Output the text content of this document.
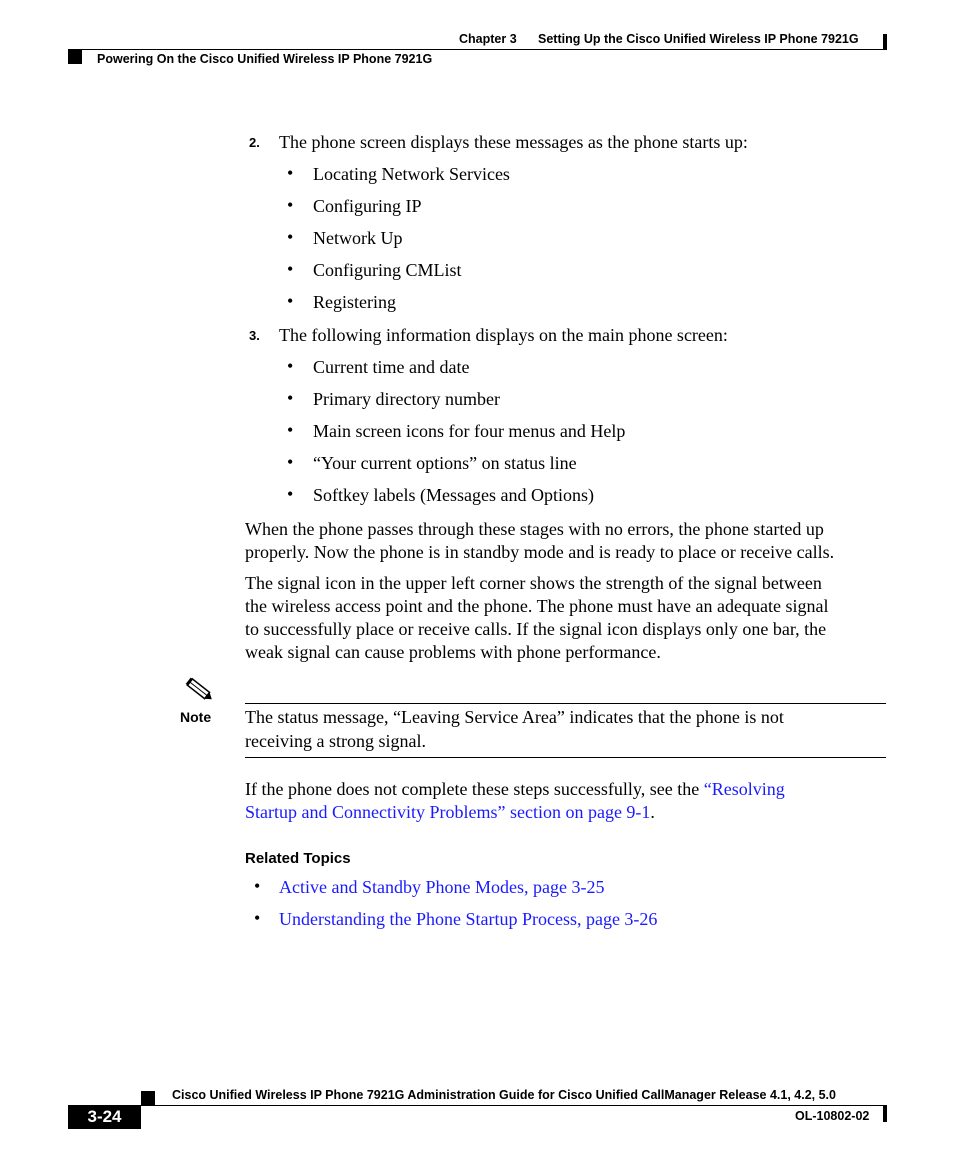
Chapter 3 Setting Up the Cisco Unified Wireless IP Phone 7921G
Powering On the Cisco Unified Wireless IP Phone 7921G
2. The phone screen displays these messages as the phone starts up:
• Locating Network Services
• Configuring IP
• Network Up
• Configuring CMList
• Registering
3. The following information displays on the main phone screen:
• Current time and date
• Primary directory number
• Main screen icons for four menus and Help
• “Your current options” on status line
• Softkey labels (Messages and Options)
When the phone passes through these stages with no errors, the phone started up
properly. Now the phone is in standby mode and is ready to place or receive calls.
The signal icon in the upper left corner shows the strength of the signal between
the wireless access point and the phone. The phone must have an adequate signal
to successfully place or receive calls. If the signal icon displays only one bar, the
weak signal can cause problems with phone performance.
Note The status message, “Leaving Service Area” indicates that the phone is not
receiving a strong signal.
If the phone does not complete these steps successfully, see the “Resolving
Startup and Connectivity Problems” section on page 9-1.
Related Topics
• Active and Standby Phone Modes, page 3-25
• Understanding the Phone Startup Process, page 3-26
Cisco Unified Wireless IP Phone 7921G Administration Guide for Cisco Unified CallManager Release 4.1, 4.2, 5.0
3-24	OL-10802-02
